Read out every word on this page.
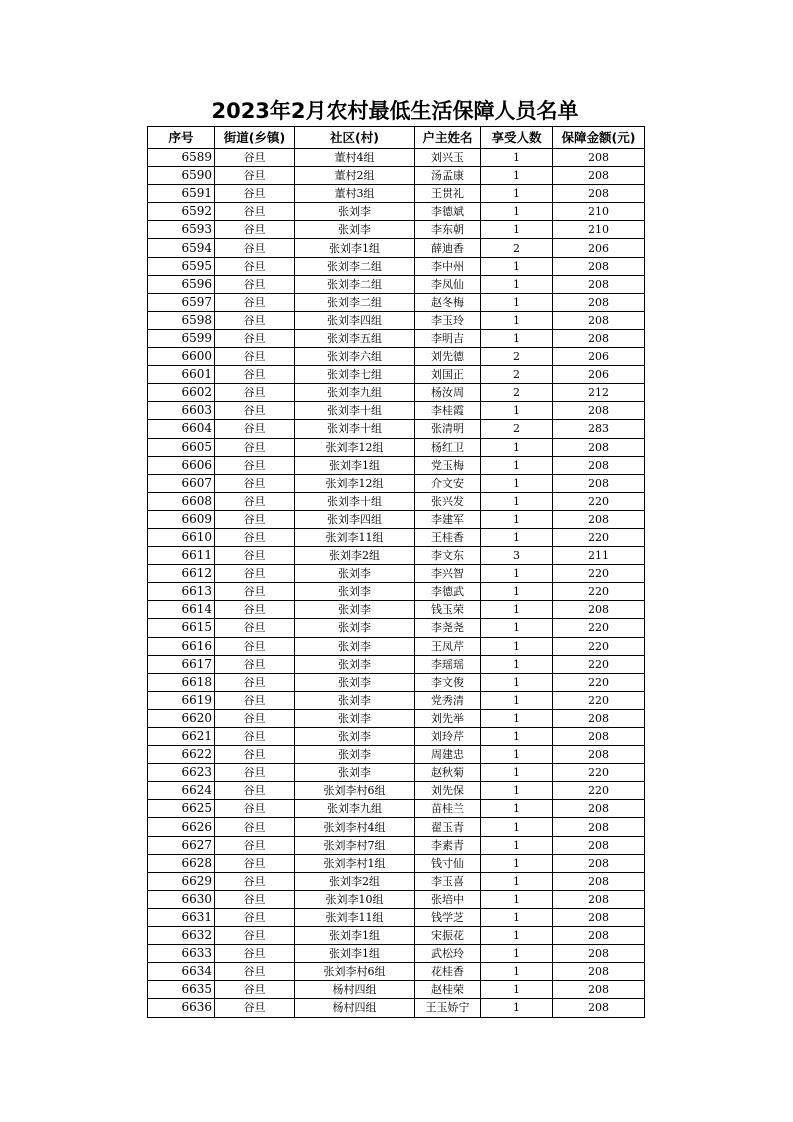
2023年2月农村最低生活保障人员名单
序号	街道(乡镇)	社区(村)	户主姓名	享受人数	保障金额(元)
6589	谷旦	董村4组	刘兴玉	1	208
6590	谷旦	董村2组	汤孟康	1	208
6591	谷旦	董村3组	王贯礼	1	208
6592	谷旦	张刘李	李德斌	1	210
6593	谷旦	张刘李	李东朝	1	210
6594	谷旦	张刘李1组	薛迪香	2	206
6595	谷旦	张刘李二组	李中州	1	208
6596	谷旦	张刘李二组	李凤仙	1	208
6597	谷旦	张刘李二组	赵冬梅	1	208
6598	谷旦	张刘李四组	李玉玲	1	208
6599	谷旦	张刘李五组	李明吉	1	208
6600	谷旦	张刘李六组	刘先德	2	206
6601	谷旦	张刘李七组	刘国正	2	206
6602	谷旦	张刘李九组	杨汝周	2	212
6603	谷旦	张刘李十组	李桂霞	1	208
6604	谷旦	张刘李十组	张清明	2	283
6605	谷旦	张刘李12组	杨红卫	1	208
6606	谷旦	张刘李1组	党玉梅	1	208
6607	谷旦	张刘李12组	介文安	1	208
6608	谷旦	张刘李十组	张兴发	1	220
6609	谷旦	张刘李四组	李建军	1	208
6610	谷旦	张刘李11组	王桂香	1	220
6611	谷旦	张刘李2组	李文东	3	211
6612	谷旦	张刘李	李兴智	1	220
6613	谷旦	张刘李	李德武	1	220
6614	谷旦	张刘李	钱玉荣	1	208
6615	谷旦	张刘李	李尧尧	1	220
6616	谷旦	张刘李	王凤芹	1	220
6617	谷旦	张刘李	李瑶瑶	1	220
6618	谷旦	张刘李	李文俊	1	220
6619	谷旦	张刘李	党秀清	1	220
6620	谷旦	张刘李	刘先举	1	208
6621	谷旦	张刘李	刘玲芹	1	208
6622	谷旦	张刘李	周建忠	1	208
6623	谷旦	张刘李	赵秋菊	1	220
6624	谷旦	张刘李村6组	刘先保	1	220
6625	谷旦	张刘李九组	苗桂兰	1	208
6626	谷旦	张刘李村4组	翟玉青	1	208
6627	谷旦	张刘李村7组	李素青	1	208
6628	谷旦	张刘李村1组	钱寸仙	1	208
6629	谷旦	张刘李2组	李玉喜	1	208
6630	谷旦	张刘李10组	张培中	1	208
6631	谷旦	张刘李11组	钱学芝	1	208
6632	谷旦	张刘李1组	宋振花	1	208
6633	谷旦	张刘李1组	武松玲	1	208
6634	谷旦	张刘李村6组	花桂香	1	208
6635	谷旦	杨村四组	赵桂荣	1	208
6636	谷旦	杨村四组	王玉娇宁	1	208
